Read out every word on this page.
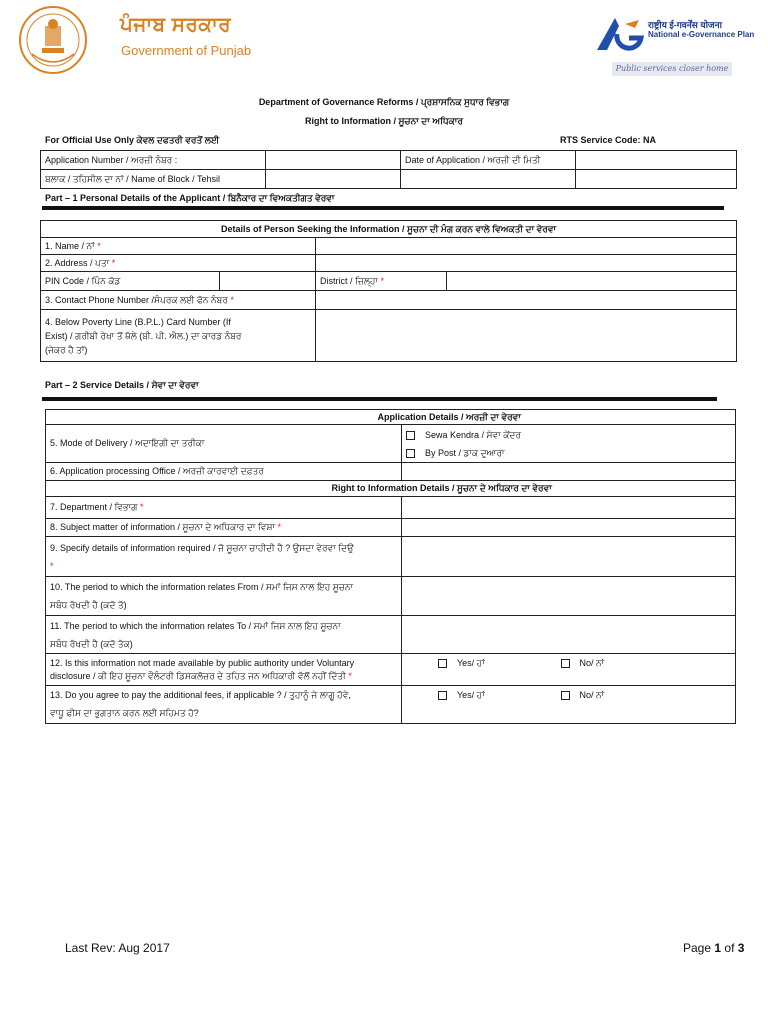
ਪੰਜਾਬ ਸਰਕਾਰ
Government of Punjab
राष्ट्रीय ई-गवर्नेंस योजना
National e-Governance Plan
Public services closer home
Department of Governance Reforms / ਪ੍ਰਸ਼ਾਸਨਿਕ ਸੁਧਾਰ ਵਿਭਾਗ
Right to Information / ਸੂਚਨਾ ਦਾ ਅਧਿਕਾਰ
For Official Use Only ਕੇਵਲ ਦਫਤਰੀ ਵਰਤੋਂ ਲਈ	RTS Service Code: NA
Application Number / ਅਰਜ਼ੀ ਨੰਬਰ :		Date of Application / ਅਰਜ਼ੀ ਦੀ ਮਿਤੀ	
ਬਲਾਕ / ਤਹਿਸੀਲ ਦਾ ਨਾਂ / Name of Block / Tehsil			
Part – 1 Personal Details of the Applicant / ਬਿਨੈਕਾਰ ਦਾ ਵਿਅਕਤੀਗਤ ਵੇਰਵਾ
Details of Person Seeking the Information / ਸੂਚਨਾ ਦੀ ਮੰਗ ਕਰਨ ਵਾਲੇ ਵਿਅਕਤੀ ਦਾ ਵੇਰਵਾ			
1. Name / ਨਾਂ *			
2. Address / ਪਤਾ *			
PIN Code / ਪਿੰਨ ਕੋਡ		District / ਜ਼ਿਲ੍ਹਾ *	
3. Contact Phone Number /ਸੰਪਰਕ ਲਈ ਫੋਨ ਨੰਬਰ *			

4. Below Poverty Line (B.P.L.) Card Number (If
Exist) / ਗਰੀਬੀ ਰੇਖਾ ਤੋਂ ਥੱਲੇ (ਬੀ. ਪੀ. ਐਲ.) ਦਾ ਕਾਰਡ ਨੰਬਰ
(ਜੇਕਰ ਹੈ ਤਾਂ)			

Part – 2 Service Details / ਸੇਵਾ ਦਾ ਵੇਰਵਾ
	Application Details / ਅਰਜ਼ੀ ਦਾ ਵੇਰਵਾ
5. Mode of Delivery / ਅਦਾਇਗੀ ਦਾ ਤਰੀਕਾ	Sewa Kendra / ਸੇਵਾ ਕੇਂਦਰ
By Post / ਡਾਕ ਦੁਆਰਾ

6. Application processing Office / ਅਰਜ਼ੀ ਕਾਰਵਾਈ ਦਫ਼ਤਰ	
	Right to Information Details / ਸੂਚਨਾ ਦੇ ਅਧਿਕਾਰ ਦਾ ਵੇਰਵਾ
7. Department / ਵਿਭਾਗ *	
8. Subject matter of information / ਸੂਚਨਾ ਦੇ ਅਧਿਕਾਰ ਦਾ ਵਿਸ਼ਾ *	

9. Specify details of information required / ਜੋ ਸੂਚਨਾ ਚਾਹੀਦੀ ਹੈ ? ਉਸਦਾ ਵੇਰਵਾ ਦਿਉ
*

10. The period to which the information relates From / ਸਮਾਂ ਜਿਸ ਨਾਲ ਇਹ ਸੂਚਨਾ
ਸਬੰਧ ਰੱਖਦੀ ਹੈ (ਕਦੋ ਤੋ)

11. The period to which the information relates To / ਸਮਾਂ ਜਿਸ ਨਾਲ ਇਹ ਸੂਚਨਾ
ਸਬੰਧ ਰੱਖਦੀ ਹੈ (ਕਦੋ ਤੱਕ)

12. Is this information not made available by public authority under Voluntary
disclosure / ਕੀ ਇਹ ਸੂਚਨਾ ਵੌਲੰਟਰੀ ਡਿਸਕਲੋਜ਼ਰ ਦੇ ਤਹਿਤ ਜਨ ਅਧਿਕਾਰੀ ਵੱਲੋਂ ਨਹੀਂ ਦਿੱਤੀ *	Yes/ ਹਾਂ	No/ ਨਾਂ

13. Do you agree to pay the additional fees, if applicable ? / ਤੁਹਾਨੂੰ ਜੇ ਲਾਗੂ ਹੋਵੇ,
ਵਾਧੂ ਫੀਸ ਦਾ ਭੁਗਤਾਨ ਕਰਨ ਲਈ ਸਹਿਮਤ ਹੋ?	Yes/ ਹਾਂ	No/ ਨਾਂ
Last Rev: Aug 2017	Page 1 of 3
